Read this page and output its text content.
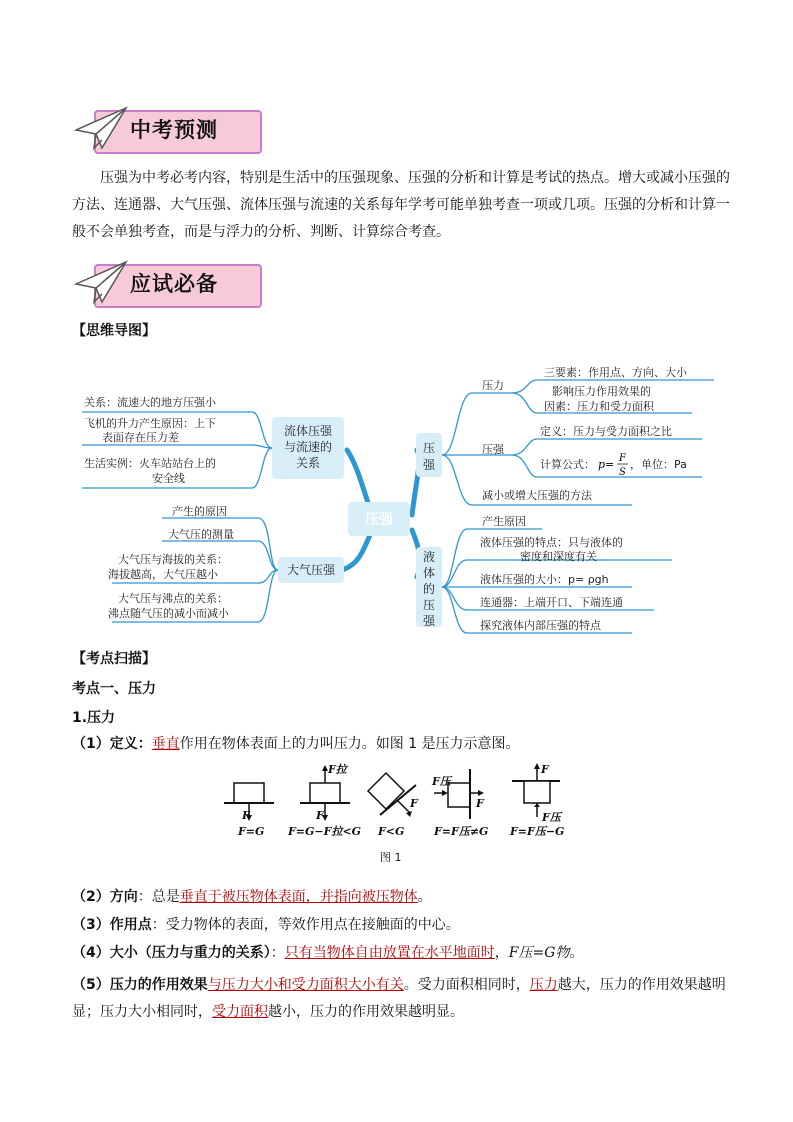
中考预测
压强为中考必考内容，特别是生活中的压强现象、压强的分析和计算是考试的热点。增大或减小压强的方法、连通器、大气压强、流体压强与流速的关系每年学考可能单独考查一项或几项。压强的分析和计算一般不会单独考查，而是与浮力的分析、判断、计算综合考查。
应试必备
【思维导图】
压强
流体压强
与流速的
关系
关系：流速大的地方压强小
飞机的升力产生原因：上下
表面存在压力差
生活实例：火车站站台上的
安全线
大气压强
产生的原因
大气压的测量
大气压与海拔的关系：
海拔越高，大气压越小
大气压与沸点的关系：
沸点随气压的减小而减小
压
强
压力
三要素：作用点、方向、大小
影响压力作用效果的
因素：压力和受力面积
压强
定义：压力与受力面积之比
计算公式： p= F
S
，单位：Pa
减小或增大压强的方法
液
体
的
压
强
产生原因
液体压强的特点：只与液体的
密度和深度有关
液体压强的大小：p= ρgh
连通器：上端开口、下端连通
探究液体内部压强的特点
【考点扫描】
考点一、压力
1.压力
（1）定义：垂直作用在物体表面上的力叫压力。如图 1 是压力示意图。
F
F=G
F拉
F
F=G−F拉<G
F
F<G
F压
F
F=F压≠G
F
F压
F=F压−G
图 1
（2）方向：总是垂直于被压物体表面，并指向被压物体。
（3）作用点：受力物体的表面，等效作用点在接触面的中心。
（4）大小（压力与重力的关系）：只有当物体自由放置在水平地面时，F压=G物。
（5）压力的作用效果与压力大小和受力面积大小有关。受力面积相同时，压力越大，压力的作用效果越明
显；压力大小相同时，受力面积越小，压力的作用效果越明显。
